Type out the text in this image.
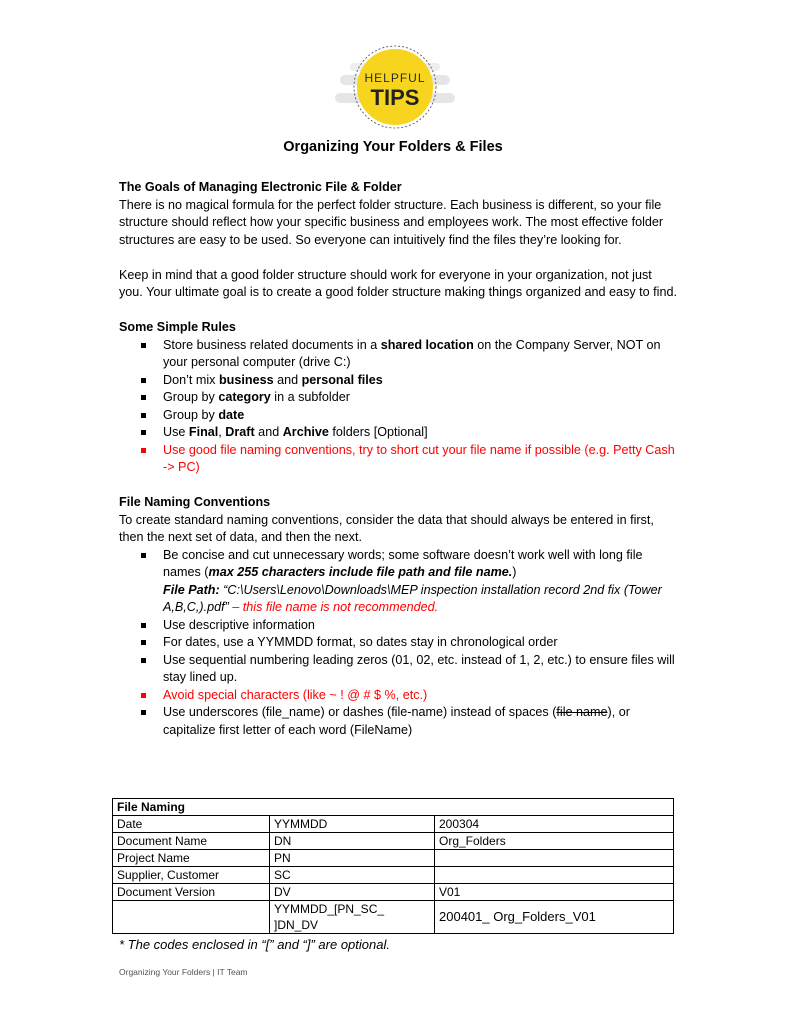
HELPFUL
TIPS
Organizing Your Folders & Files

The Goals of Managing Electronic File & Folder

There is no magical formula for the perfect folder structure. Each business is different, so your file structure should reflect how your specific business and employees work. The most effective folder structures are easy to be used. So everyone can intuitively find the files they’re looking for.

Keep in mind that a good folder structure should work for everyone in your organization, not just you. Your ultimate goal is to create a good folder structure making things organized and easy to find.

Some Simple Rules

Store business related documents in a shared location on the Company Server, NOT on your personal computer (drive C:)
Don’t mix business and personal files
Group by category in a subfolder
Group by date
Use Final, Draft and Archive folders [Optional]
Use good file naming conventions, try to short cut your file name if possible (e.g. Petty Cash -> PC)

File Naming Conventions

To create standard naming conventions, consider the data that should always be entered in first, then the next set of data, and then the next.

Be concise and cut unnecessary words; some software doesn’t work well with long file names (max 255 characters include file path and file name.)
File Path: “C:\Users\Lenovo\Downloads\MEP inspection installation record 2nd fix (Tower A,B,C,).pdf” – this file name is not recommended.
Use descriptive information
For dates, use a YYMMDD format, so dates stay in chronological order
Use sequential numbering leading zeros (01, 02, etc. instead of 1, 2, etc.) to ensure files will stay lined up.
Avoid special characters (like ~ ! @ # $ %, etc.)
Use underscores (file_name) or dashes (file-name) instead of spaces (file name), or capitalize first letter of each word (FileName)
File Naming		
Date	YYMMDD	200304
Document Name	DN	Org_Folders
Project Name	PN	
Supplier, Customer	SC	
Document Version	DV	V01
	YYMMDD_[PN_SC_ ]DN_DV	200401_ Org_Folders_V01
* The codes enclosed in “[” and “]” are optional.
Organizing Your Folders | IT Team
